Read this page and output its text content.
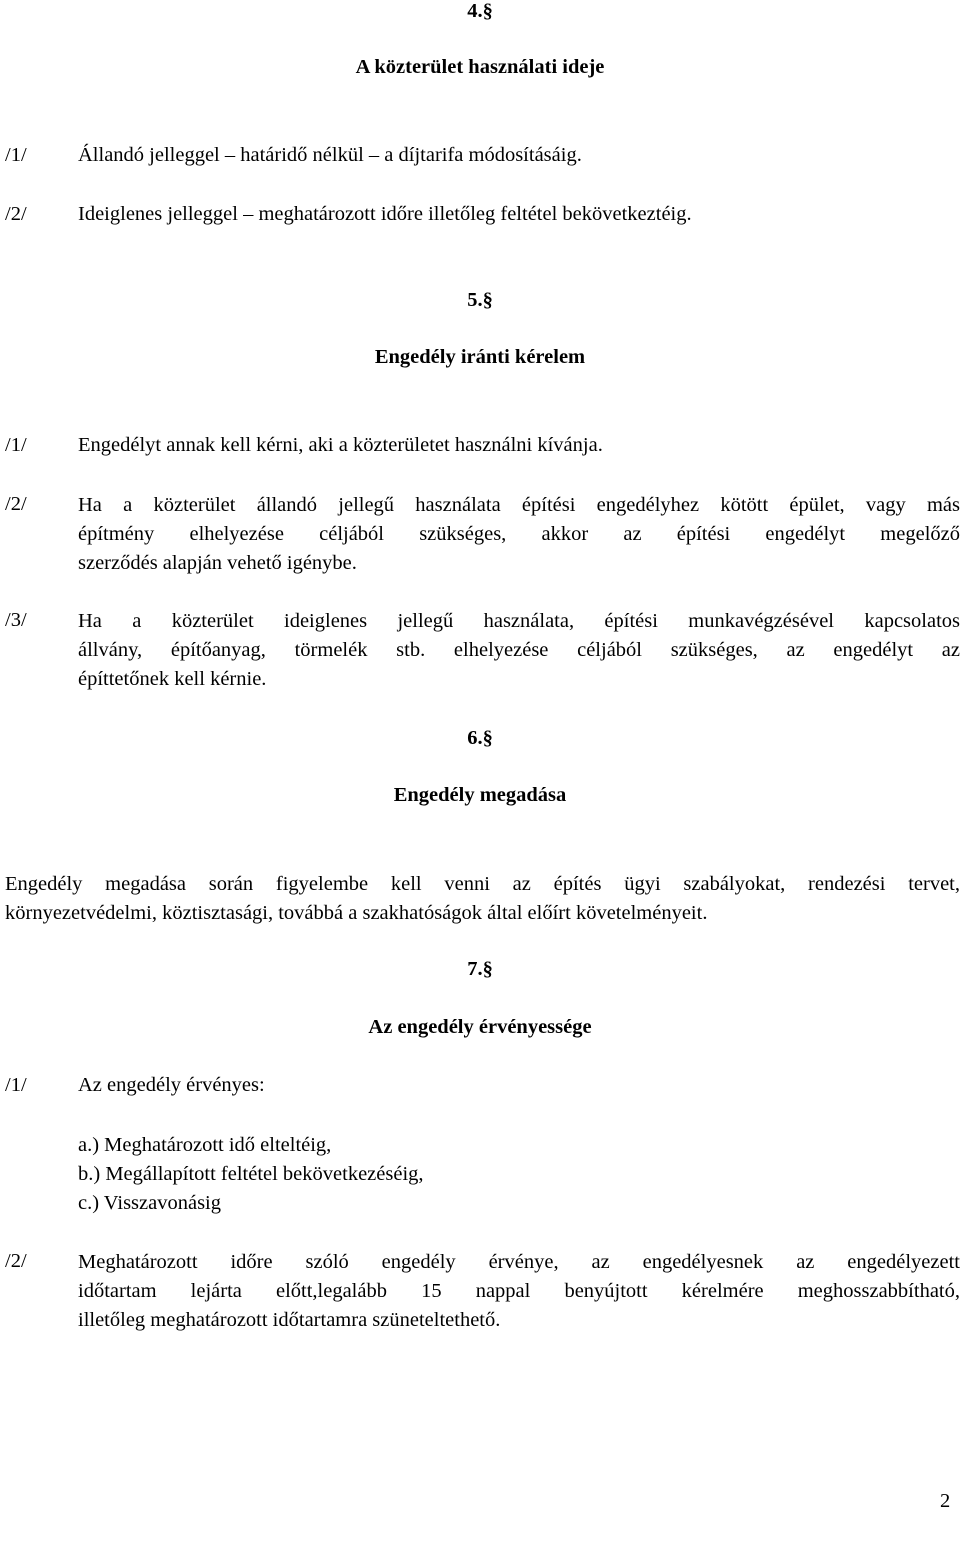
4.§
A közterület használati ideje
/1/	Állandó jelleggel – határidő nélkül – a díjtarifa módosításáig.
/2/	Ideiglenes jelleggel – meghatározott időre illetőleg feltétel bekövetkeztéig.
5.§
Engedély iránti kérelem
/1/	Engedélyt annak kell kérni, aki a közterületet használni kívánja.
/2/	Ha a közterület állandó jellegű használata építési engedélyhez kötött épület, vagy más
építmény elhelyezése céljából szükséges, akkor az építési engedélyt megelőző
szerződés alapján vehető igénybe.
/3/	Ha a közterület ideiglenes jellegű használata, építési munkavégzésével kapcsolatos
állvány, építőanyag, törmelék stb. elhelyezése céljából szükséges, az engedélyt az
építtetőnek kell kérnie.
6.§
Engedély megadása
Engedély megadása során figyelembe kell venni az építés ügyi szabályokat, rendezési tervet,
környezetvédelmi, köztisztasági, továbbá a szakhatóságok által előírt követelményeit.
7.§
Az engedély érvényessége
/1/	Az engedély érvényes:
a.) Meghatározott idő elteltéig,
b.) Megállapított feltétel bekövetkezéséig,
c.) Visszavonásig
/2/	Meghatározott időre szóló engedély érvénye, az engedélyesnek az engedélyezett
időtartam lejárta előtt,legalább 15 nappal benyújtott kérelmére meghosszabbítható,
illetőleg meghatározott időtartamra szüneteltethető.
2
